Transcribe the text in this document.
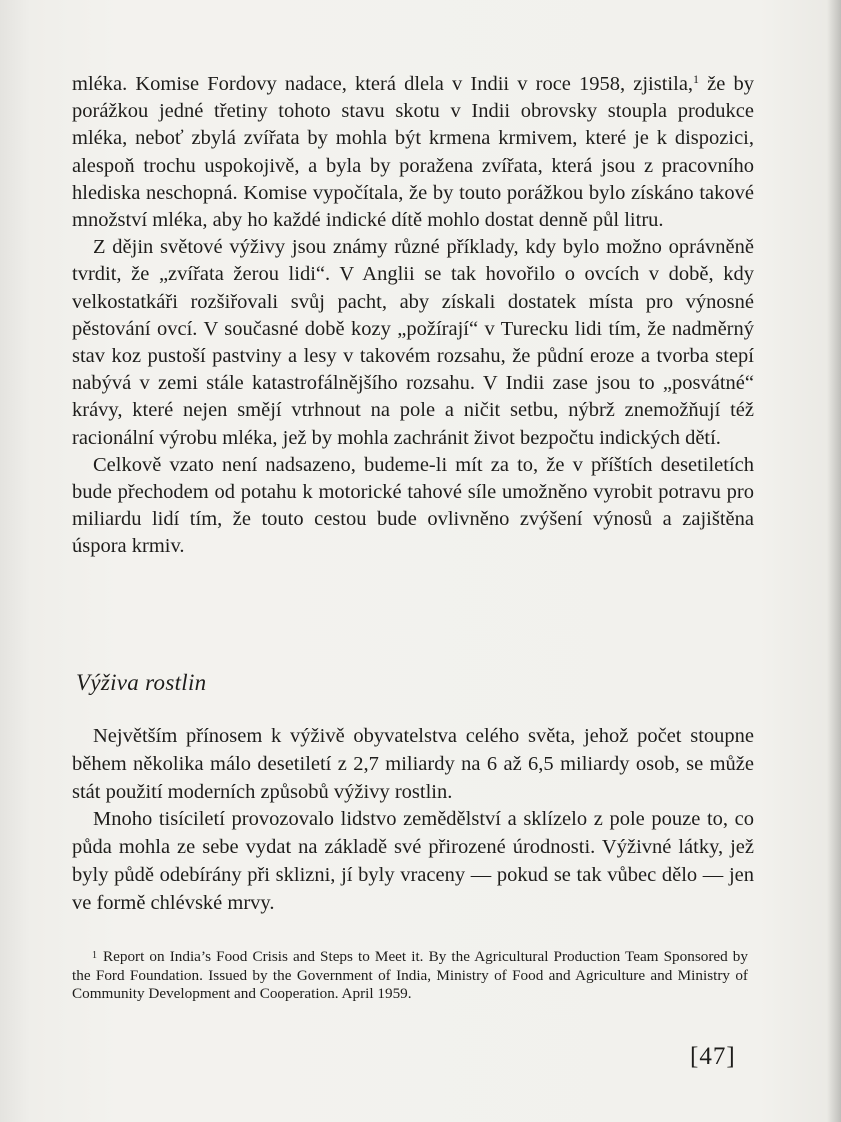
mléka. Komise Fordovy nadace, která dlela v Indii v roce 1958, zjistila,$^1$ že by porážkou jedné třetiny tohoto stavu skotu v Indii obrovsky stoupla produkce mléka, neboť zbylá zvířata by mohla být krmena krmivem, které je k dispozici, alespoň trochu uspokojivě, a byla by poražena zvířata, která jsou z pracovního hlediska neschopná. Komise vypočítala, že by touto porážkou bylo získáno takové množství mléka, aby ho každé indické dítě mohlo dostat denně půl litru.

Z dějin světové výživy jsou známy různé příklady, kdy bylo možno oprávněně tvrdit, že „zvířata žerou lidi“. V Anglii se tak hovořilo o ovcích v době, kdy velkostatkáři rozšiřovali svůj pacht, aby získali dostatek místa pro výnosné pěstování ovcí. V současné době kozy „požírají“ v Turecku lidi tím, že nadměrný stav koz pustoší pastviny a lesy v takovém rozsahu, že půdní eroze a tvorba stepí nabývá v zemi stále katastrofálnějšího rozsahu. V Indii zase jsou to „posvátné“ krávy, které nejen smějí vtrhnout na pole a ničit setbu, nýbrž znemožňují též racionální výrobu mléka, jež by mohla zachránit život bezpočtu indických dětí.

Celkově vzato není nadsazeno, budeme-li mít za to, že v příštích desetiletích bude přechodem od potahu k motorické tahové síle umožněno vyrobit potravu pro miliardu lidí tím, že touto cestou bude ovlivněno zvýšení výnosů a zajištěna úspora krmiv.

Výživa rostlin

Největším přínosem k výživě obyvatelstva celého světa, jehož počet stoupne během několika málo desetiletí z 2,7 miliardy na 6 až 6,5 miliardy osob, se může stát použití moderních způsobů výživy rostlin.

Mnoho tisíciletí provozovalo lidstvo zemědělství a sklízelo z pole pouze to, co půda mohla ze sebe vydat na základě své přirozené úrodnosti. Výživné látky, jež byly půdě odebírány při sklizni, jí byly vraceny — pokud se tak vůbec dělo — jen ve formě chlévské mrvy.

1 Report on India’s Food Crisis and Steps to Meet it. By the Agricultural Production Team Sponsored by the Ford Foundation. Issued by the Government of India, Ministry of Food and Agriculture and Ministry of Community Development and Cooperation. April 1959.
[47]
